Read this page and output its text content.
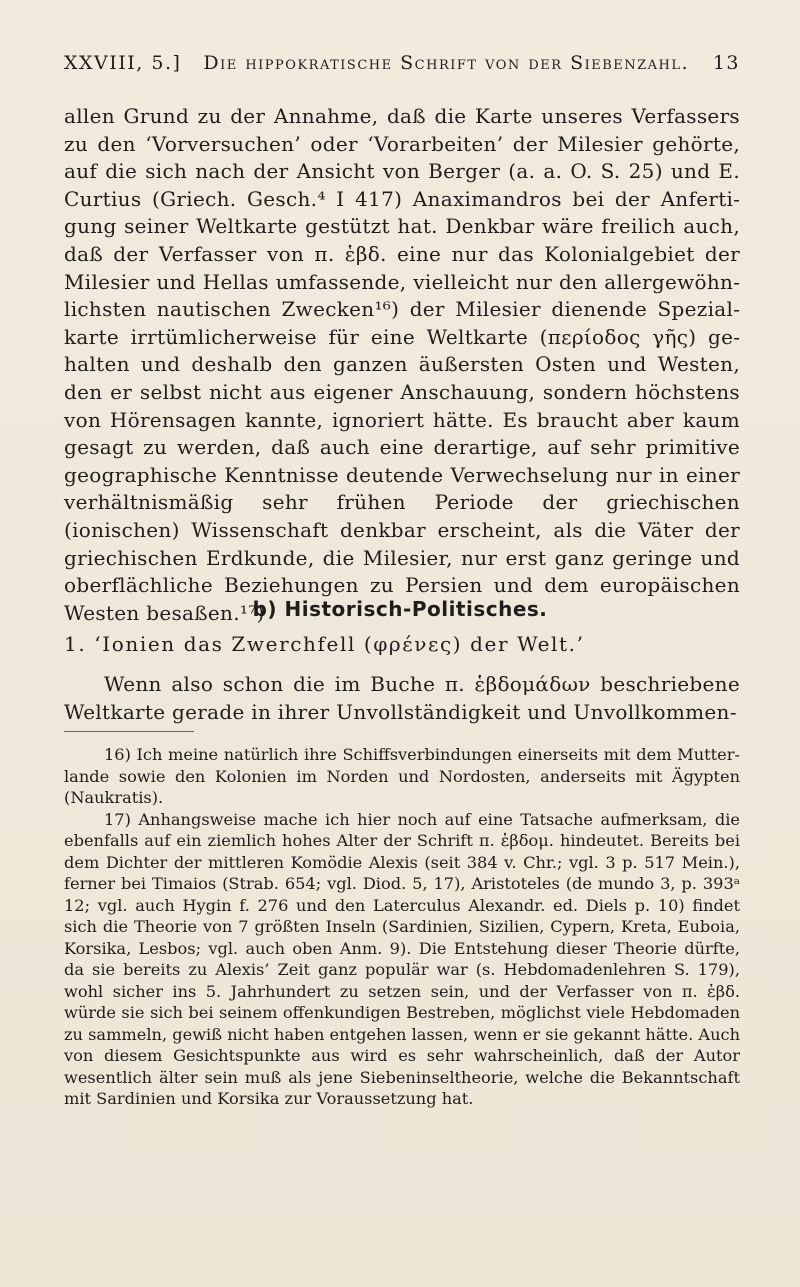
XXVIII, 5.] Die hippokratische Schrift von der Siebenzahl.	13

allen Grund zu der Annahme, daß die Karte unseres Verfassers zu den ‘Vorversuchen’ oder ‘Vorarbeiten’ der Milesier gehörte, auf die sich nach der Ansicht von Berger (a. a. O. S. 25) und E. Curtius (Griech. Gesch.⁴ I 417) Anaximandros bei der Anfertigung seiner Weltkarte gestützt hat. Denkbar wäre freilich auch, daß der Verfasser von π. ἑβδ. eine nur das Kolonialgebiet der Milesier und Hellas umfassende, vielleicht nur den allergewöhnlichsten nautischen Zwecken¹⁶) der Milesier dienende Spezialkarte irrtümlicherweise für eine Weltkarte (περίοδος γῆς) gehalten und deshalb den ganzen äußersten Osten und Westen, den er selbst nicht aus eigener Anschauung, sondern höchstens von Hörensagen kannte, ignoriert hätte. Es braucht aber kaum gesagt zu werden, daß auch eine derartige, auf sehr primitive geographische Kenntnisse deutende Verwechselung nur in einer verhältnismäßig sehr frühen Periode der griechischen (ionischen) Wissenschaft denkbar erscheint, als die Väter der griechischen Erdkunde, die Milesier, nur erst ganz geringe und oberflächliche Beziehungen zu Persien und dem europäischen Westen besaßen.¹⁷)

b) Historisch-Politisches.
1. ‘Ionien das Zwerchfell (φρένες) der Welt.’

Wenn also schon die im Buche π. ἑβδομάδων beschriebene Weltkarte gerade in ihrer Unvollständigkeit und Unvollkommen-

16) Ich meine natürlich ihre Schiffsverbindungen einerseits mit dem Mutterlande sowie den Kolonien im Norden und Nordosten, anderseits mit Ägypten (Naukratis).

17) Anhangsweise mache ich hier noch auf eine Tatsache aufmerksam, die ebenfalls auf ein ziemlich hohes Alter der Schrift π. ἑβδομ. hindeutet. Bereits bei dem Dichter der mittleren Komödie Alexis (seit 384 v. Chr.; vgl. 3 p. 517 Mein.), ferner bei Timaios (Strab. 654; vgl. Diod. 5, 17), Aristoteles (de mundo 3, p. 393ᵃ 12; vgl. auch Hygin f. 276 und den Laterculus Alexandr. ed. Diels p. 10) findet sich die Theorie von 7 größten Inseln (Sardinien, Sizilien, Cypern, Kreta, Euboia, Korsika, Lesbos; vgl. auch oben Anm. 9). Die Entstehung dieser Theorie dürfte, da sie bereits zu Alexis’ Zeit ganz populär war (s. Hebdomadenlehren S. 179), wohl sicher ins 5. Jahrhundert zu setzen sein, und der Verfasser von π. ἑβδ. würde sie sich bei seinem offenkundigen Bestreben, möglichst viele Hebdomaden zu sammeln, gewiß nicht haben entgehen lassen, wenn er sie gekannt hätte. Auch von diesem Gesichtspunkte aus wird es sehr wahrscheinlich, daß der Autor wesentlich älter sein muß als jene Siebeninseltheorie, welche die Bekanntschaft mit Sardinien und Korsika zur Voraussetzung hat.
